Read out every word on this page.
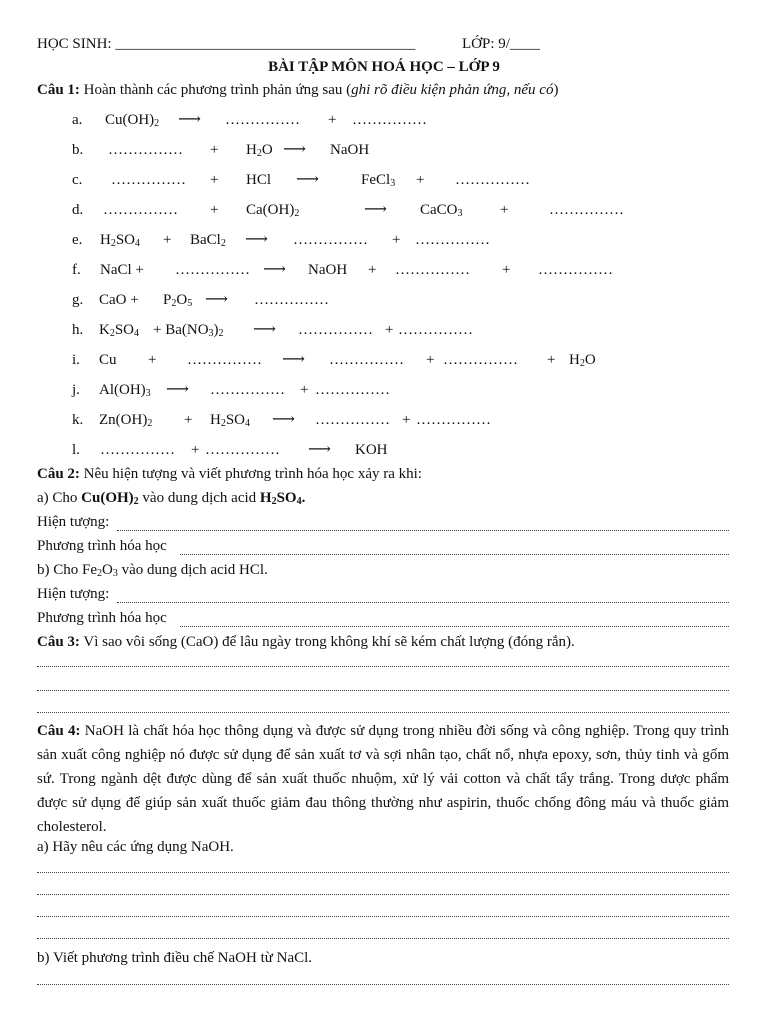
HỌC SINH: ________________________________________	LỚP: 9/____
BÀI TẬP MÔN HOÁ HỌC – LỚP 9
Câu 1: Hoàn thành các phương trình phản ứng sau (ghi rõ điều kiện phản ứng, nếu có)
a. $Cu(OH)_2$ ⟶ …………… + ……………
b. …………… + $H_2O$ ⟶ NaOH
c. …………… + HCl ⟶	FeCl$_3$ + ……………
d. …………… + $Ca(OH)_2$	⟶ CaCO$_3$	+	……………
e. $H_2SO_4$ + BaCl$_2$ ⟶ …………… + ……………
f. NaCl + …………… ⟶ NaOH + …………… + ……………
g. CaO + $P_2O_5$ ⟶ ……………
h. $K_2SO_4 + Ba(NO_3)_2$ ⟶ …………… + ……………
i. Cu + …………… ⟶ …………… + …………… + $H_2O$
j. $Al(OH)_3$ ⟶ …………… + ……………
k. $Zn(OH)_2 + H_2SO_4$ ⟶ …………… + ……………
l. …………… + …………… ⟶ KOH
Câu 2: Nêu hiện tượng và viết phương trình hóa học xảy ra khi:
a) Cho $Cu(OH)_2$ vào dung dịch acid $H_2SO_4$.
Hiện tượng:
Phương trình hóa học
b) Cho $Fe_2O_3$ vào dung dịch acid HCl.
Hiện tượng:
Phương trình hóa học
Câu 3: Vì sao vôi sống (CaO) để lâu ngày trong không khí sẽ kém chất lượng (đóng rắn).
Câu 4: NaOH là chất hóa học thông dụng và được sử dụng trong nhiều đời sống và công nghiệp. Trong quy trình sản xuất công nghiệp nó được sử dụng để sản xuất tơ và sợi nhân tạo, chất nổ, nhựa epoxy, sơn, thủy tinh và gốm sứ. Trong ngành dệt được dùng để sản xuất thuốc nhuộm, xử lý vải cotton và chất tẩy trắng. Trong dược phẩm được sử dụng để giúp sản xuất thuốc giảm đau thông thường như aspirin, thuốc chống đông máu và thuốc giảm cholesterol.
a) Hãy nêu các ứng dụng NaOH.
b) Viết phương trình điều chế NaOH từ NaCl.
